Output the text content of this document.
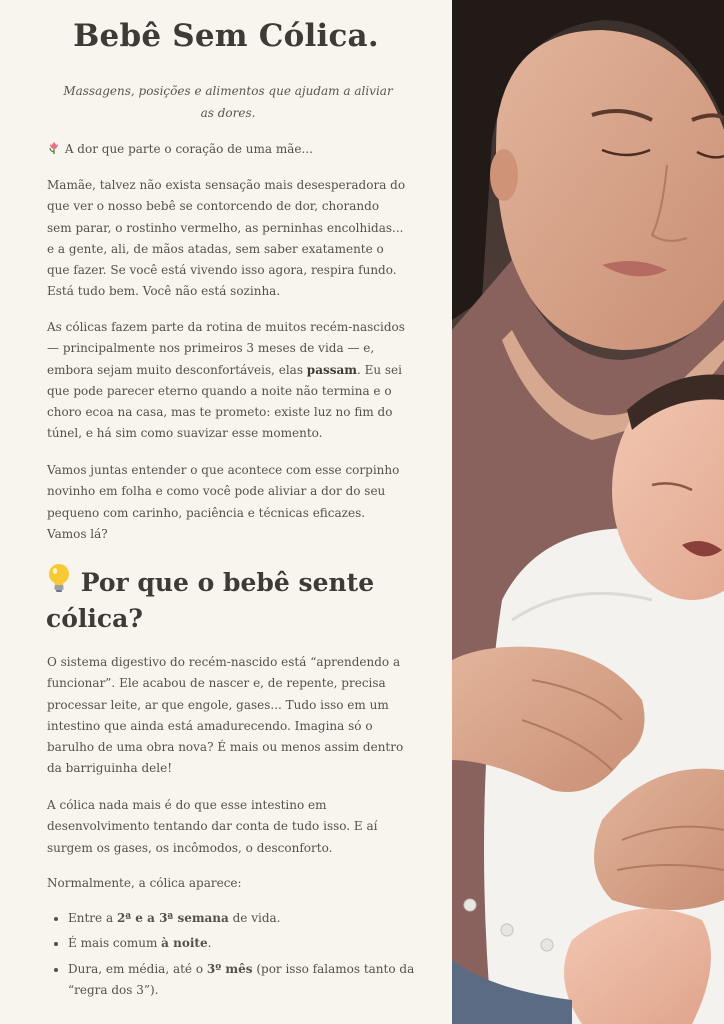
Bebê Sem Cólica.

Massagens, posições e alimentos que ajudam a aliviar as dores.

A dor que parte o coração de uma mãe...

Mamãe, talvez não exista sensação mais desesperadora do que ver o nosso bebê se contorcendo de dor, chorando sem parar, o rostinho vermelho, as perninhas encolhidas... e a gente, ali, de mãos atadas, sem saber exatamente o que fazer. Se você está vivendo isso agora, respira fundo. Está tudo bem. Você não está sozinha.

As cólicas fazem parte da rotina de muitos recém-nascidos — principalmente nos primeiros 3 meses de vida — e, embora sejam muito desconfortáveis, elas passam. Eu sei que pode parecer eterno quando a noite não termina e o choro ecoa na casa, mas te prometo: existe luz no fim do túnel, e há sim como suavizar esse momento.

Vamos juntas entender o que acontece com esse corpinho novinho em folha e como você pode aliviar a dor do seu pequeno com carinho, paciência e técnicas eficazes. Vamos lá?

Por que o bebê sente cólica?

O sistema digestivo do recém-nascido está “aprendendo a funcionar”. Ele acabou de nascer e, de repente, precisa processar leite, ar que engole, gases... Tudo isso em um intestino que ainda está amadurecendo. Imagina só o barulho de uma obra nova? É mais ou menos assim dentro da barriguinha dele!

A cólica nada mais é do que esse intestino em desenvolvimento tentando dar conta de tudo isso. E aí surgem os gases, os incômodos, o desconforto.

Normalmente, a cólica aparece:

• Entre a 2ª e a 3ª semana de vida.
• É mais comum à noite.
• Dura, em média, até o 3º mês (por isso falamos tanto da “regra dos 3”).
